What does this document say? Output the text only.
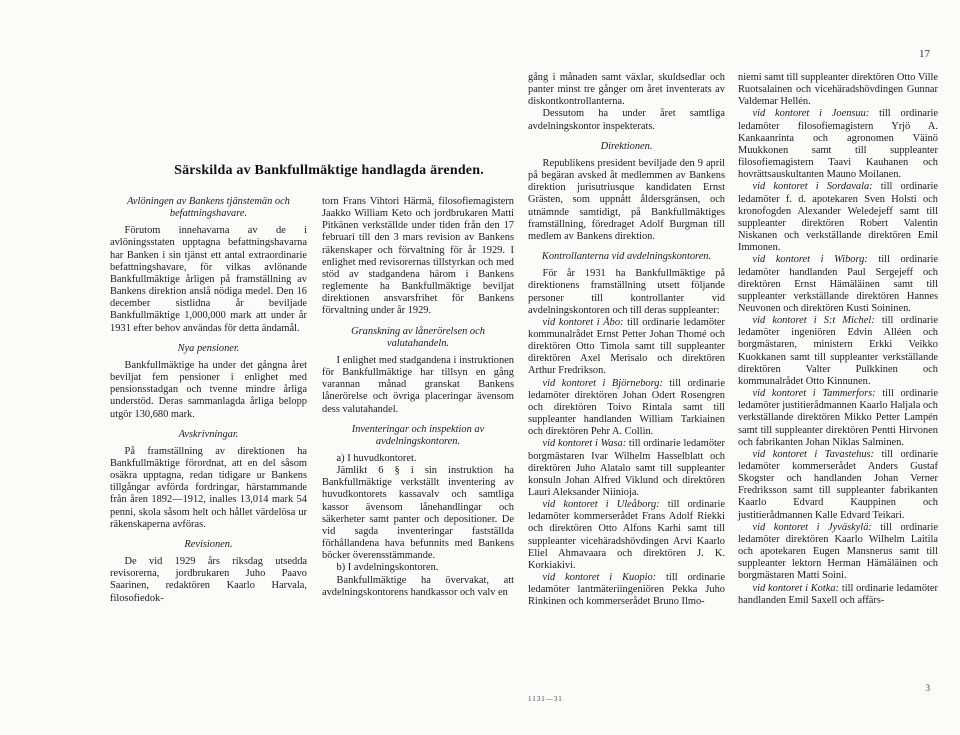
17
Särskilda av Bankfullmäktige handlagda ärenden.

Avlöningen av Bankens tjänstemän och befattningshavare.

Förutom innehavarna av de i avlöningsstaten upptagna befattningshavarna har Banken i sin tjänst ett antal extraordinarie befattningshavare, för vilkas avlönande Bankfullmäktige årligen på framställning av Bankens direktion anslå nödiga medel. Den 16 december sistlidna år beviljade Bankfullmäktige 1,000,000 mark att under år 1931 efter behov användas för detta ändamål.

Nya pensioner.

Bankfullmäktige ha under det gångna året beviljat fem pensioner i enlighet med pensionsstadgan och tvenne mindre årliga understöd. Deras sammanlagda årliga belopp utgör 130,680 mark.

Avskrivningar.

På framställning av direktionen ha Bankfullmäktige förordnat, att en del såsom osäkra upptagna, redan tidigare ur Bankens tillgångar avförda fordringar, härstammande från åren 1892—1912, inalles 13,014 mark 54 penni, skola såsom helt och hållet värdelösa ur räkenskaperna avföras.

Revisionen.

De vid 1929 års riksdag utsedda revisorerna, jordbrukaren Juho Paavo Saarinen, redaktören Kaarlo Harvala, filosofiedok-

torn Frans Vihtori Härmä, filosofiemagistern Jaakko William Keto och jordbrukaren Matti Pitkänen verkställde under tiden från den 17 februari till den 3 mars revision av Bankens räkenskaper och förvaltning för år 1929. I enlighet med revisorernas tillstyrkan och med stöd av stadgandena härom i Bankens reglemente ha Bankfullmäktige beviljat direktionen ansvarsfrihet för Bankens förvaltning under år 1929.

Granskning av lånerörelsen och valutahandeln.

I enlighet med stadgandena i instruktionen för Bankfullmäktige har tillsyn en gång varannan månad granskat Bankens lånerörelse och övriga placeringar ävensom dess valutahandel.

Inventeringar och inspektion av avdelningskontoren.

a) I huvudkontoret.

Jämlikt 6 § i sin instruktion ha Bankfullmäktige verkställt inventering av huvudkontorets kassavalv och samtliga kassor ävensom lånehandlingar och säkerheter samt panter och depositioner. De vid sagda inventeringar fastställda förhållandena hava befunnits med Bankens böcker överensstämmande.

b) I avdelningskontoren.

Bankfullmäktige ha övervakat, att avdelningskontorens handkassor och valv en

gång i månaden samt växlar, skuldsedlar och panter minst tre gånger om året inventerats av diskontkontrollanterna.

Dessutom ha under året samtliga avdelningskontor inspekterats.

Direktionen.

Republikens president beviljade den 9 april på begäran avsked åt medlemmen av Bankens direktion jurisutriusque kandidaten Ernst Grästen, som uppnått åldersgränsen, och utnämnde samtidigt, på Bankfullmäktiges framställning, föredraget Adolf Burgman till medlem av Bankens direktion.

Kontrollanterna vid avdelningskontoren.

För år 1931 ha Bankfullmäktige på direktionens framställning utsett följande personer till kontrollanter vid avdelningskontoren och till deras suppleanter:

vid kontoret i Åbo: till ordinarie ledamöter kommunalrådet Ernst Petter Johan Thomé och direktören Otto Timola samt till suppleanter direktören Axel Merisalo och direktören Arthur Fredrikson.

vid kontoret i Björneborg: till ordinarie ledamöter direktören Johan Odert Rosengren och direktören Toivo Rintala samt till suppleanter handlanden William Tarkiainen och direktören Pehr A. Collin.

vid kontoret i Wasa: till ordinarie ledamöter borgmästaren Ivar Wilhelm Hasselblatt och direktören Juho Alatalo samt till suppleanter konsuln Johan Alfred Viklund och direktören Lauri Aleksander Niinioja.

vid kontoret i Uleåborg: till ordinarie ledamöter kommerserådet Frans Adolf Riekki och direktören Otto Alfons Karhi samt till suppleanter vicehäradshövdingen Arvi Kaarlo Eliel Ahmavaara och direktören J. K. Korkiakivi.

vid kontoret i Kuopio: till ordinarie ledamöter lantmäteriingeniören Pekka Juho Rinkinen och kommerserådet Bruno Ilmo-

niemi samt till suppleanter direktören Otto Ville Ruotsalainen och vicehäradshövdingen Gunnar Valdemar Hellén.

vid kontoret i Joensuu: till ordinarie ledamöter filosofiemagistern Yrjö A. Kankaanrinta och agronomen Väinö Muukkonen samt till suppleanter filosofiemagistern Taavi Kauhanen och hovrättsauskultanten Mauno Moilanen.

vid kontoret i Sordavala: till ordinarie ledamöter f. d. apotekaren Sven Holsti och kronofogden Alexander Weledejeff samt till suppleanter direktören Robert Valentin Niskanen och verkställande direktören Emil Immonen.

vid kontoret i Wiborg: till ordinarie ledamöter handlanden Paul Sergejeff och direktören Ernst Hämäläinen samt till suppleanter verkställande direktören Hannes Neuvonen och direktören Kusti Soininen.

vid kontoret i S:t Michel: till ordinarie ledamöter ingeniören Edvin Alléen och borgmästaren, ministern Erkki Veikko Kuokkanen samt till suppleanter verkställande direktören Valter Pulkkinen och kommunalrådet Otto Kinnunen.

vid kontoret i Tammerfors: till ordinarie ledamöter justitierådmannen Kaarlo Haljala och verkställande direktören Mikko Petter Lampén samt till suppleanter direktören Pentti Hirvonen och fabrikanten Johan Niklas Salminen.

vid kontoret i Tavastehus: till ordinarie ledamöter kommerserådet Anders Gustaf Skogster och handlanden Johan Verner Fredriksson samt till suppleanter fabrikanten Kaarlo Edvard Kauppinen och justitierådmannen Kalle Edvard Teikari.

vid kontoret i Jyväskylä: till ordinarie ledamöter direktören Kaarlo Wilhelm Laitila och apotekaren Eugen Mansnerus samt till suppleanter lektorn Herman Hämäläinen och borgmästaren Matti Soini.

vid kontoret i Kotka: till ordinarie ledamöter handlanden Emil Saxell och affärs-

1131—31
3
